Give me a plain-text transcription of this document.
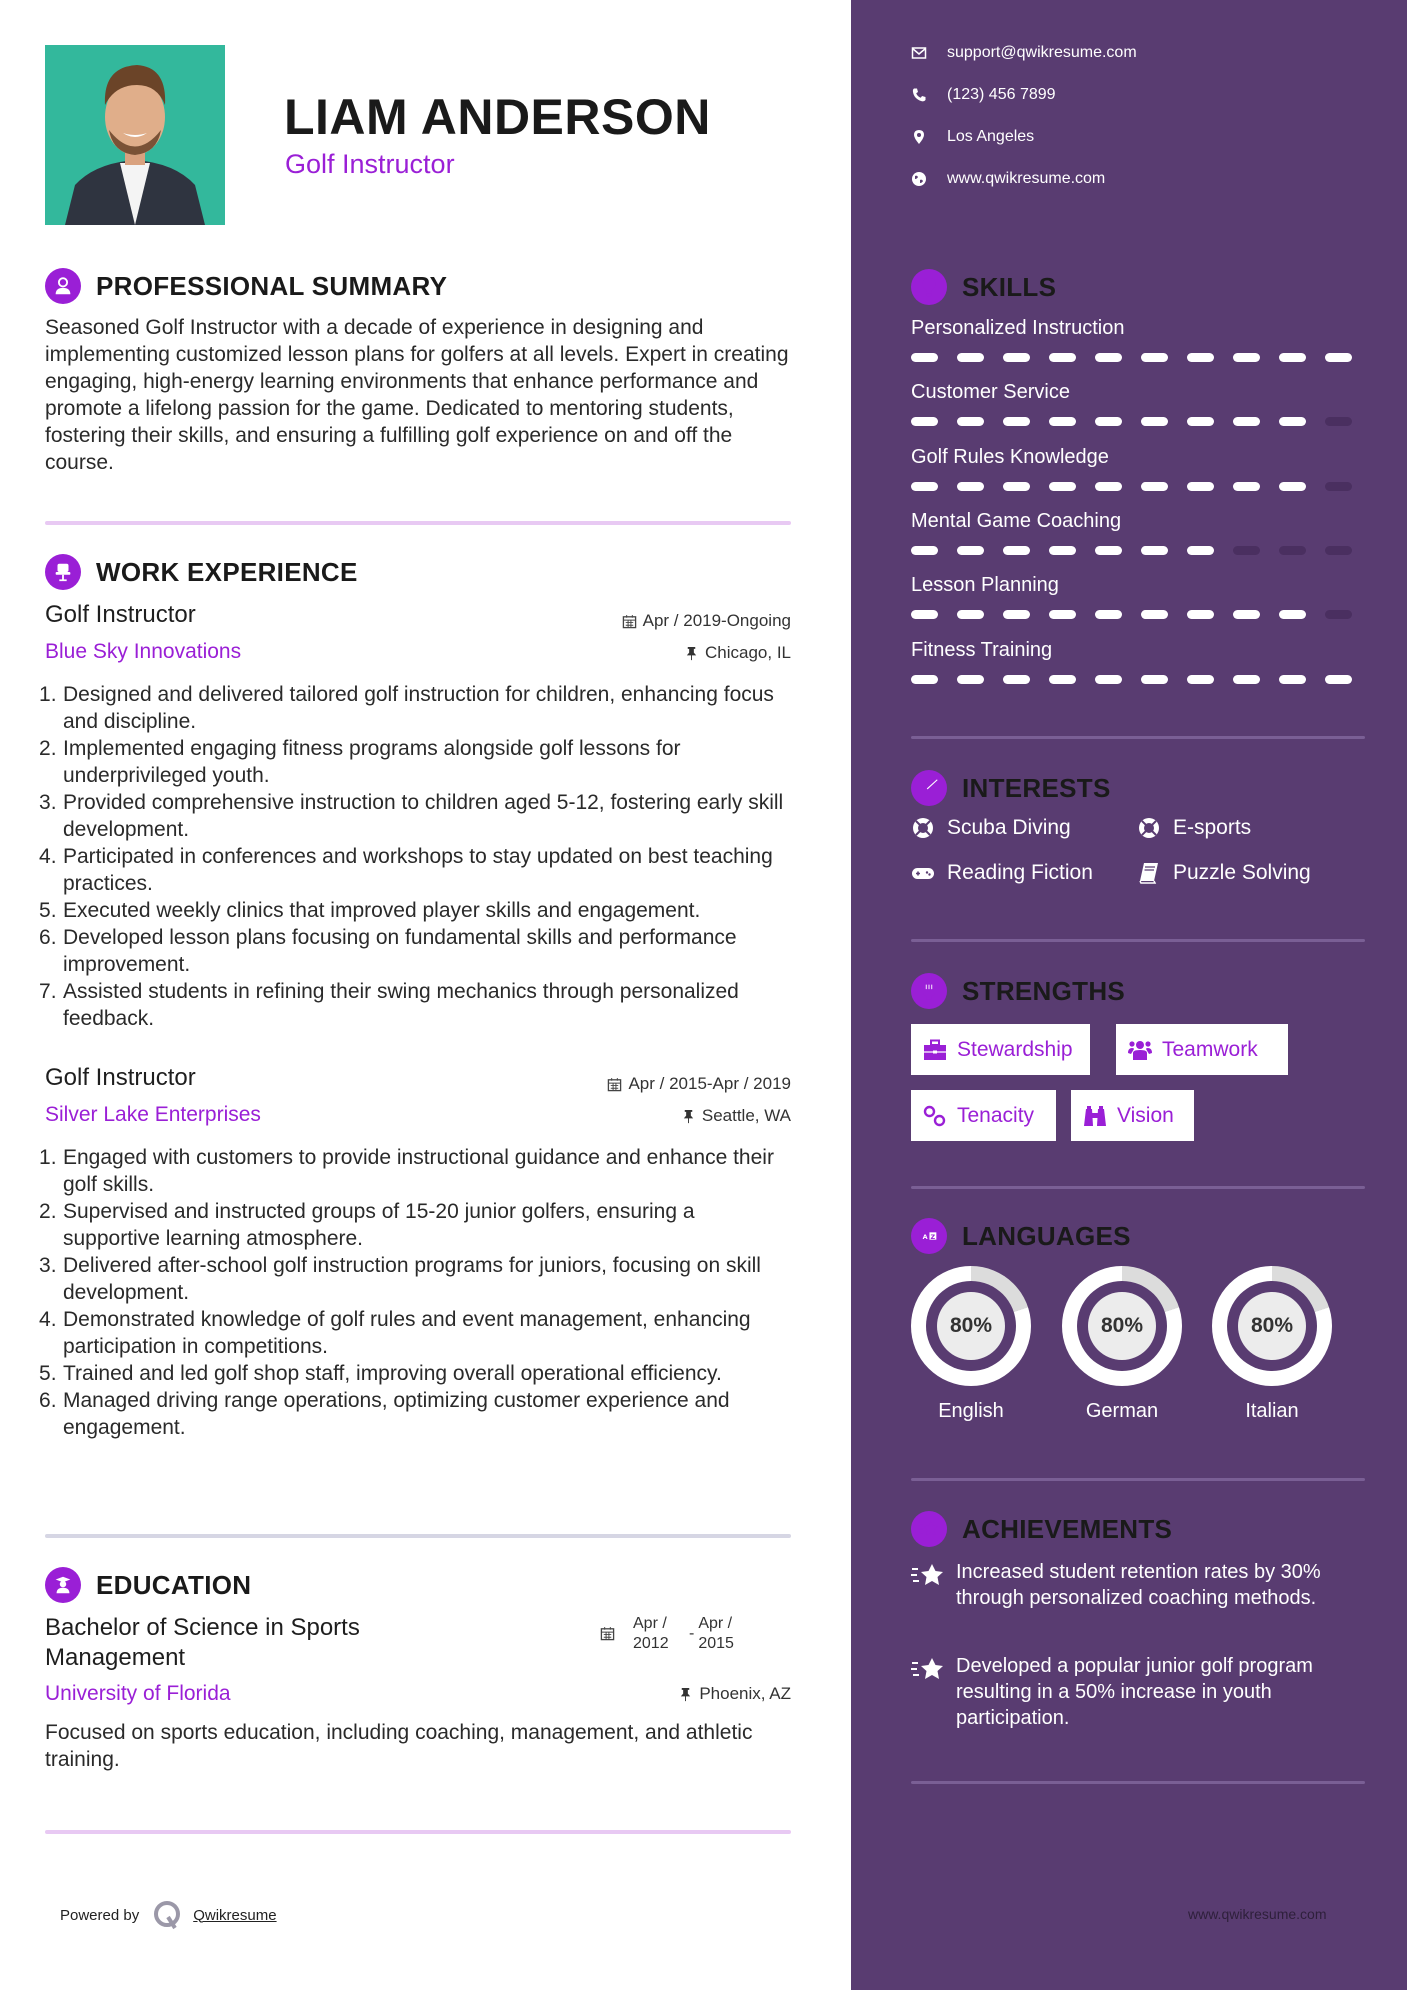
LIAM ANDERSON
Golf Instructor
PROFESSIONAL SUMMARY
Seasoned Golf Instructor with a decade of experience in designing and implementing customized lesson plans for golfers at all levels. Expert in creating engaging, high-energy learning environments that enhance performance and promote a lifelong passion for the game. Dedicated to mentoring students, fostering their skills, and ensuring a fulfilling golf experience on and off the course.
WORK EXPERIENCE
Golf Instructor	Apr / 2019-Ongoing
Blue Sky Innovations	Chicago, IL
Designed and delivered tailored golf instruction for children, enhancing focus and discipline.
Implemented engaging fitness programs alongside golf lessons for underprivileged youth.
Provided comprehensive instruction to children aged 5-12, fostering early skill development.
Participated in conferences and workshops to stay updated on best teaching practices.
Executed weekly clinics that improved player skills and engagement.
Developed lesson plans focusing on fundamental skills and performance improvement.
Assisted students in refining their swing mechanics through personalized feedback.
Golf Instructor	Apr / 2015-Apr / 2019
Silver Lake Enterprises	Seattle, WA
Engaged with customers to provide instructional guidance and enhance their golf skills.
Supervised and instructed groups of 15-20 junior golfers, ensuring a supportive learning atmosphere.
Delivered after-school golf instruction programs for juniors, focusing on skill development.
Demonstrated knowledge of golf rules and event management, enhancing participation in competitions.
Trained and led golf shop staff, improving overall operational efficiency.
Managed driving range operations, optimizing customer experience and engagement.
EDUCATION
Bachelor of Science in Sports Management
Apr / 2012
-
Apr / 2015
University of Florida	Phoenix, AZ
Focused on sports education, including coaching, management, and athletic training.
Powered by	Qwikresume
support@qwikresume.com
(123) 456 7899
Los Angeles
www.qwikresume.com
SKILLS
Personalized Instruction
Customer Service
Golf Rules Knowledge
Mental Game Coaching
Lesson Planning
Fitness Training
INTERESTS
Scuba Diving	E-sports
Reading Fiction	Puzzle Solving
STRENGTHS
Stewardship	Teamwork
Tenacity	Vision
A Z LANGUAGES
80%
English
80%
German
80%
Italian
ACHIEVEMENTS
Increased student retention rates by 30% through personalized coaching methods.
Developed a popular junior golf program resulting in a 50% increase in youth participation.
www.qwikresume.com
